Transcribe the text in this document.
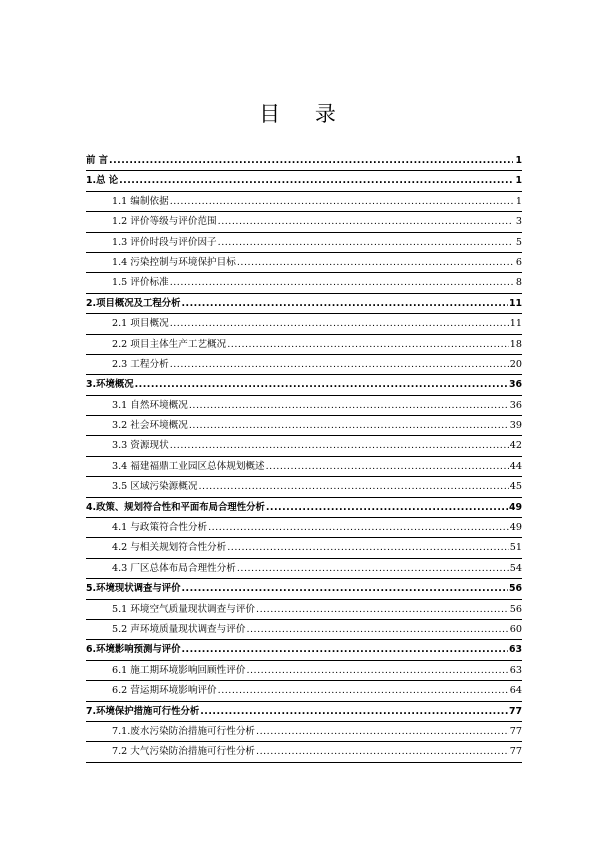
目 录
前 言 .....	1
1.总 论 .....	1
1.1 编制依据 .....	1
1.2 评价等级与评价范围 .....	3
1.3 评价时段与评价因子 .....	5
1.4 污染控制与环境保护目标 .....	6
1.5 评价标准 .....	8
2.项目概况及工程分析 .....	11
2.1 项目概况 .....	11
2.2 项目主体生产工艺概况 .....	18
2.3 工程分析 .....	20
3.环境概况 .....	36
3.1 自然环境概况 .....	36
3.2 社会环境概况 .....	39
3.3 资源现状 .....	42
3.4 福建福鼎工业园区总体规划概述 .....	44
3.5 区域污染源概况 .....	45
4.政策、规划符合性和平面布局合理性分析 .....	49
4.1 与政策符合性分析 .....	49
4.2 与相关规划符合性分析 .....	51
4.3 厂区总体布局合理性分析 .....	54
5.环境现状调查与评价 .....	56
5.1 环境空气质量现状调查与评价 .....	56
5.2 声环境质量现状调查与评价 .....	60
6.环境影响预测与评价 .....	63
6.1 施工期环境影响回顾性评价 .....	63
6.2 营运期环境影响评价 .....	64
7.环境保护措施可行性分析 .....	77
7.1.废水污染防治措施可行性分析 .....	77
7.2 大气污染防治措施可行性分析 .....	77
